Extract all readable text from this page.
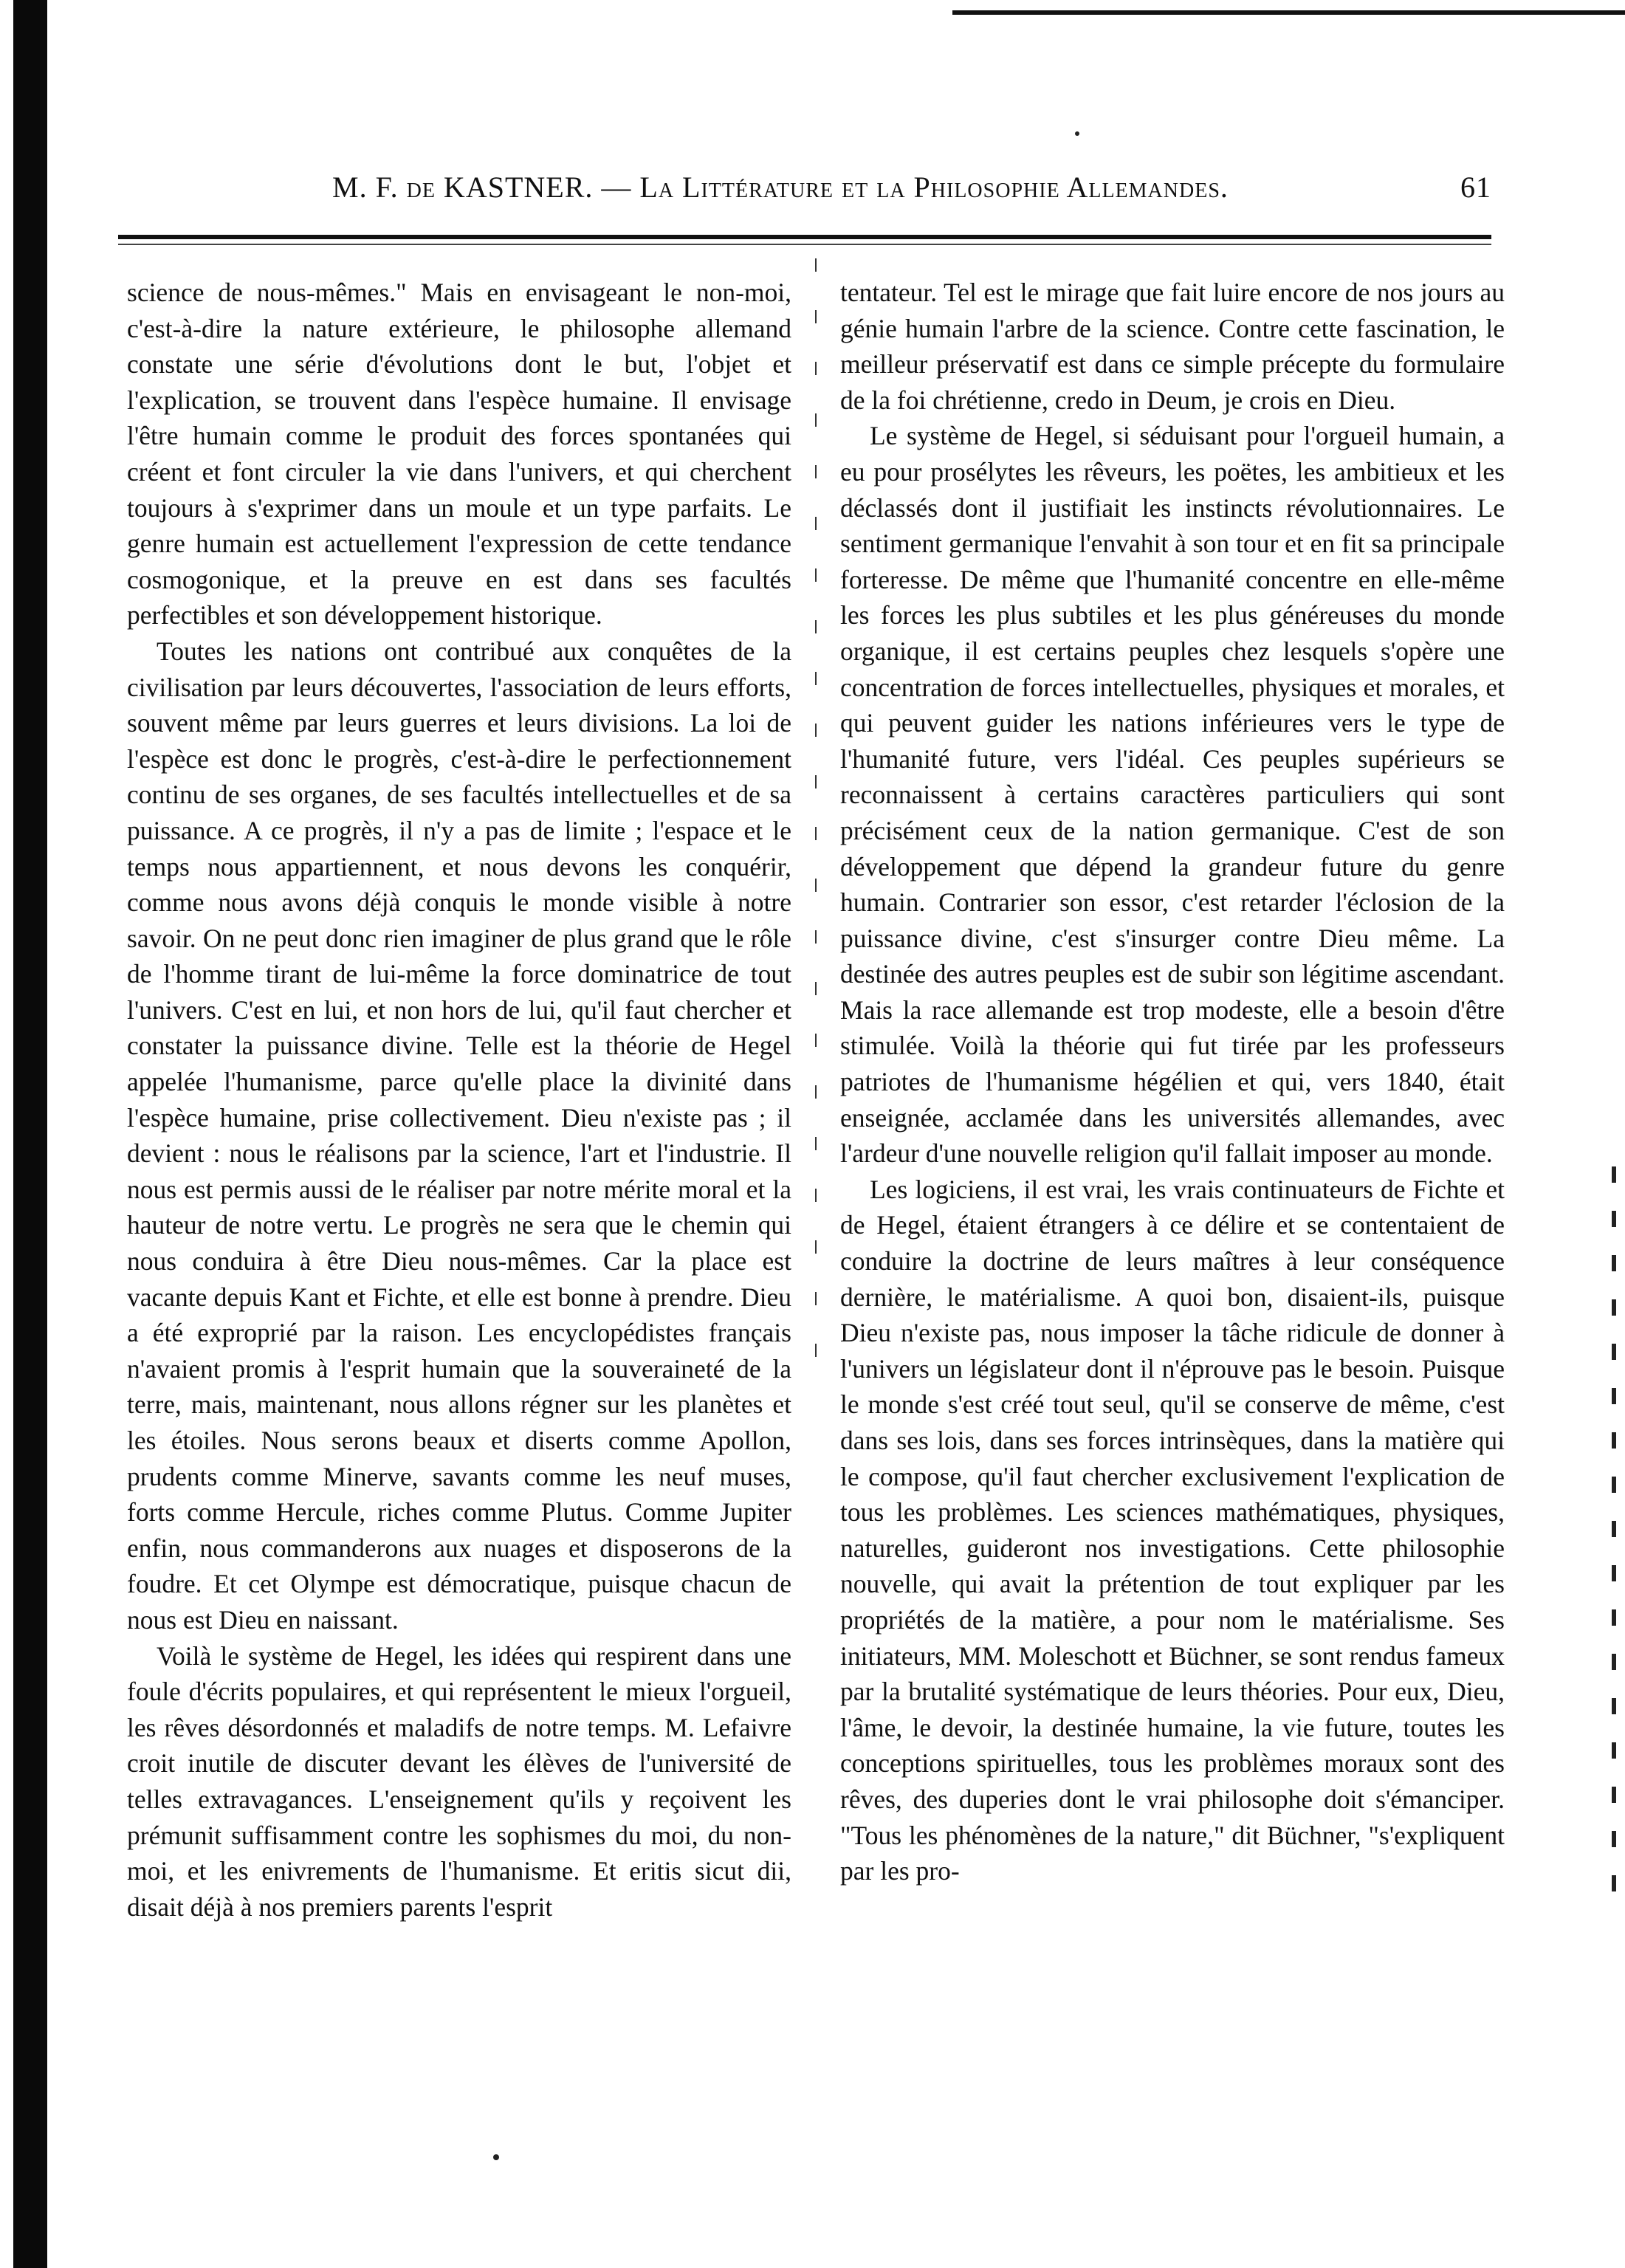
M. F. de KASTNER. — La Littérature et la Philosophie Allemandes.	61

science de nous-mêmes." Mais en envisageant le non-moi, c'est-à-dire la nature extérieure, le philosophe allemand constate une série d'évolutions dont le but, l'objet et l'explication, se trouvent dans l'espèce humaine. Il envisage l'être humain comme le produit des forces spontanées qui créent et font circuler la vie dans l'univers, et qui cherchent toujours à s'exprimer dans un moule et un type parfaits. Le genre humain est actuellement l'expression de cette tendance cosmogonique, et la preuve en est dans ses facultés perfectibles et son développement historique.

Toutes les nations ont contribué aux conquêtes de la civilisation par leurs découvertes, l'association de leurs efforts, souvent même par leurs guerres et leurs divisions. La loi de l'espèce est donc le progrès, c'est-à-dire le perfectionnement continu de ses organes, de ses facultés intellectuelles et de sa puissance. A ce progrès, il n'y a pas de limite ; l'espace et le temps nous appartiennent, et nous devons les conquérir, comme nous avons déjà conquis le monde visible à notre savoir. On ne peut donc rien imaginer de plus grand que le rôle de l'homme tirant de lui-même la force dominatrice de tout l'univers. C'est en lui, et non hors de lui, qu'il faut chercher et constater la puissance divine. Telle est la théorie de Hegel appelée l'humanisme, parce qu'elle place la divinité dans l'espèce humaine, prise collectivement. Dieu n'existe pas ; il devient : nous le réalisons par la science, l'art et l'industrie. Il nous est permis aussi de le réaliser par notre mérite moral et la hauteur de notre vertu. Le progrès ne sera que le chemin qui nous conduira à être Dieu nous-mêmes. Car la place est vacante depuis Kant et Fichte, et elle est bonne à prendre. Dieu a été exproprié par la raison. Les encyclopédistes français n'avaient promis à l'esprit humain que la souveraineté de la terre, mais, maintenant, nous allons régner sur les planètes et les étoiles. Nous serons beaux et diserts comme Apollon, prudents comme Minerve, savants comme les neuf muses, forts comme Hercule, riches comme Plutus. Comme Jupiter enfin, nous commanderons aux nuages et disposerons de la foudre. Et cet Olympe est démocratique, puisque chacun de nous est Dieu en naissant.

Voilà le système de Hegel, les idées qui respirent dans une foule d'écrits populaires, et qui représentent le mieux l'orgueil, les rêves désordonnés et maladifs de notre temps. M. Lefaivre croit inutile de discuter devant les élèves de l'université de telles extravagances. L'enseignement qu'ils y reçoivent les prémunit suffisamment contre les sophismes du moi, du non-moi, et les enivrements de l'humanisme. Et eritis sicut dii, disait déjà à nos premiers parents l'esprit

tentateur. Tel est le mirage que fait luire encore de nos jours au génie humain l'arbre de la science. Contre cette fascination, le meilleur préservatif est dans ce simple précepte du formulaire de la foi chrétienne, credo in Deum, je crois en Dieu.

Le système de Hegel, si séduisant pour l'orgueil humain, a eu pour prosélytes les rêveurs, les poëtes, les ambitieux et les déclassés dont il justifiait les instincts révolutionnaires. Le sentiment germanique l'envahit à son tour et en fit sa principale forteresse. De même que l'humanité concentre en elle-même les forces les plus subtiles et les plus généreuses du monde organique, il est certains peuples chez lesquels s'opère une concentration de forces intellectuelles, physiques et morales, et qui peuvent guider les nations inférieures vers le type de l'humanité future, vers l'idéal. Ces peuples supérieurs se reconnaissent à certains caractères particuliers qui sont précisément ceux de la nation germanique. C'est de son développement que dépend la grandeur future du genre humain. Contrarier son essor, c'est retarder l'éclosion de la puissance divine, c'est s'insurger contre Dieu même. La destinée des autres peuples est de subir son légitime ascendant. Mais la race allemande est trop modeste, elle a besoin d'être stimulée. Voilà la théorie qui fut tirée par les professeurs patriotes de l'humanisme hégélien et qui, vers 1840, était enseignée, acclamée dans les universités allemandes, avec l'ardeur d'une nouvelle religion qu'il fallait imposer au monde.

Les logiciens, il est vrai, les vrais continuateurs de Fichte et de Hegel, étaient étrangers à ce délire et se contentaient de conduire la doctrine de leurs maîtres à leur conséquence dernière, le matérialisme. A quoi bon, disaient-ils, puisque Dieu n'existe pas, nous imposer la tâche ridicule de donner à l'univers un législateur dont il n'éprouve pas le besoin. Puisque le monde s'est créé tout seul, qu'il se conserve de même, c'est dans ses lois, dans ses forces intrinsèques, dans la matière qui le compose, qu'il faut chercher exclusivement l'explication de tous les problèmes. Les sciences mathématiques, physiques, naturelles, guideront nos investigations. Cette philosophie nouvelle, qui avait la prétention de tout expliquer par les propriétés de la matière, a pour nom le matérialisme. Ses initiateurs, MM. Moleschott et Büchner, se sont rendus fameux par la brutalité systématique de leurs théories. Pour eux, Dieu, l'âme, le devoir, la destinée humaine, la vie future, toutes les conceptions spirituelles, tous les problèmes moraux sont des rêves, des duperies dont le vrai philosophe doit s'émanciper. "Tous les phénomènes de la nature," dit Büchner, "s'expliquent par les pro-
